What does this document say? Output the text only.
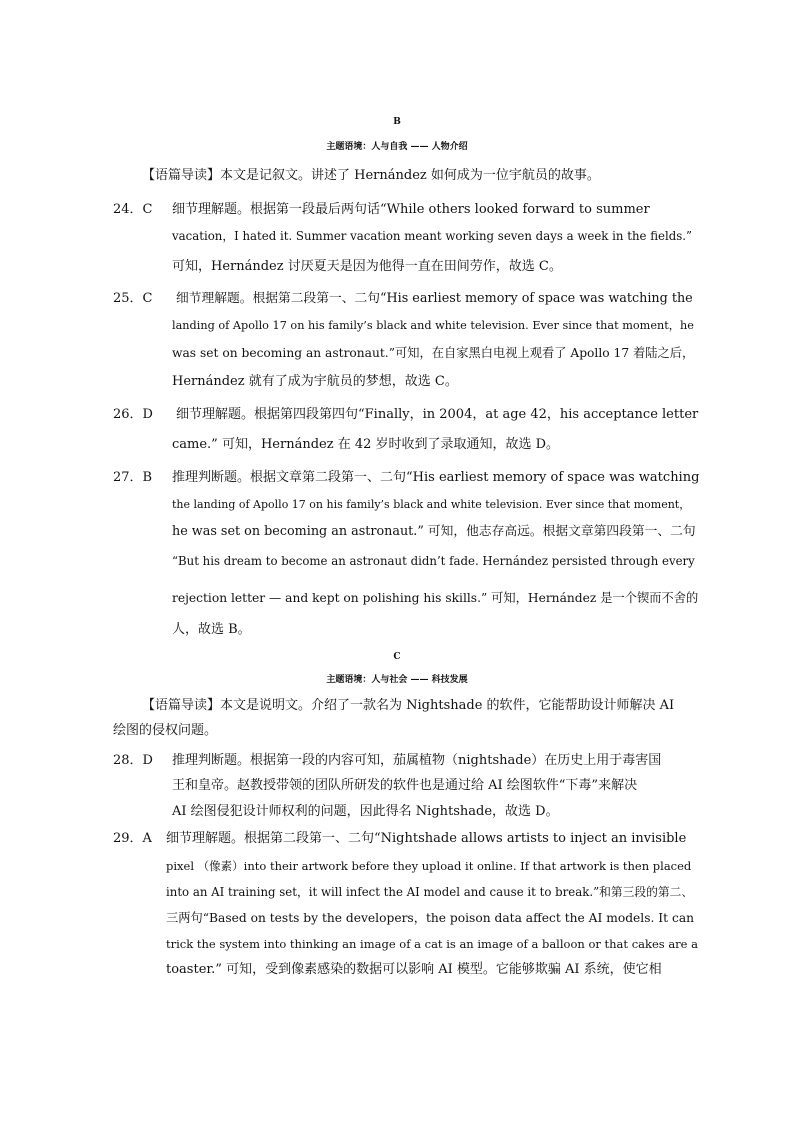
B
主题语境：人与自我 —— 人物介绍
【语篇导读】本文是记叙文。讲述了 Hernández 如何成为一位宇航员的故事。
24．C 细节理解题。根据第一段最后两句话“While others looked forward to summer
vacation，I hated it. Summer vacation meant working seven days a week in the fields.”
可知，Hernández 讨厌夏天是因为他得一直在田间劳作，故选 C。
25．C 细节理解题。根据第二段第一、二句“His earliest memory of space was watching the
landing of Apollo 17 on his family’s black and white television. Ever since that moment，he
was set on becoming an astronaut.”可知，在自家黑白电视上观看了 Apollo 17 着陆之后，
Hernández 就有了成为宇航员的梦想，故选 C。
26．D 细节理解题。根据第四段第四句“Finally，in 2004，at age 42，his acceptance letter
came.” 可知，Hernández 在 42 岁时收到了录取通知，故选 D。
27．B 推理判断题。根据文章第二段第一、二句“His earliest memory of space was watching
the landing of Apollo 17 on his family’s black and white television. Ever since that moment，
he was set on becoming an astronaut.” 可知，他志存高远。根据文章第四段第一、二句
“But his dream to become an astronaut didn’t fade. Hernández persisted through every
rejection letter — and kept on polishing his skills.” 可知，Hernández 是一个锲而不舍的
人，故选 B。
C
主题语境：人与社会 —— 科技发展
【语篇导读】本文是说明文。介绍了一款名为 Nightshade 的软件，它能帮助设计师解决 AI
绘图的侵权问题。
28．D 推理判断题。根据第一段的内容可知，茄属植物（nightshade）在历史上用于毒害国
王和皇帝。赵教授带领的团队所研发的软件也是通过给 AI 绘图软件“下毒”来解决
AI 绘图侵犯设计师权利的问题，因此得名 Nightshade，故选 D。
29．A 细节理解题。根据第二段第一、二句“Nightshade allows artists to inject an invisible
pixel （像素）into their artwork before they upload it online. If that artwork is then placed
into an AI training set，it will infect the AI model and cause it to break.”和第三段的第二、
三两句“Based on tests by the developers，the poison data affect the AI models. It can
trick the system into thinking an image of a cat is an image of a balloon or that cakes are a
toaster.” 可知，受到像素感染的数据可以影响 AI 模型。它能够欺骗 AI 系统，使它相
